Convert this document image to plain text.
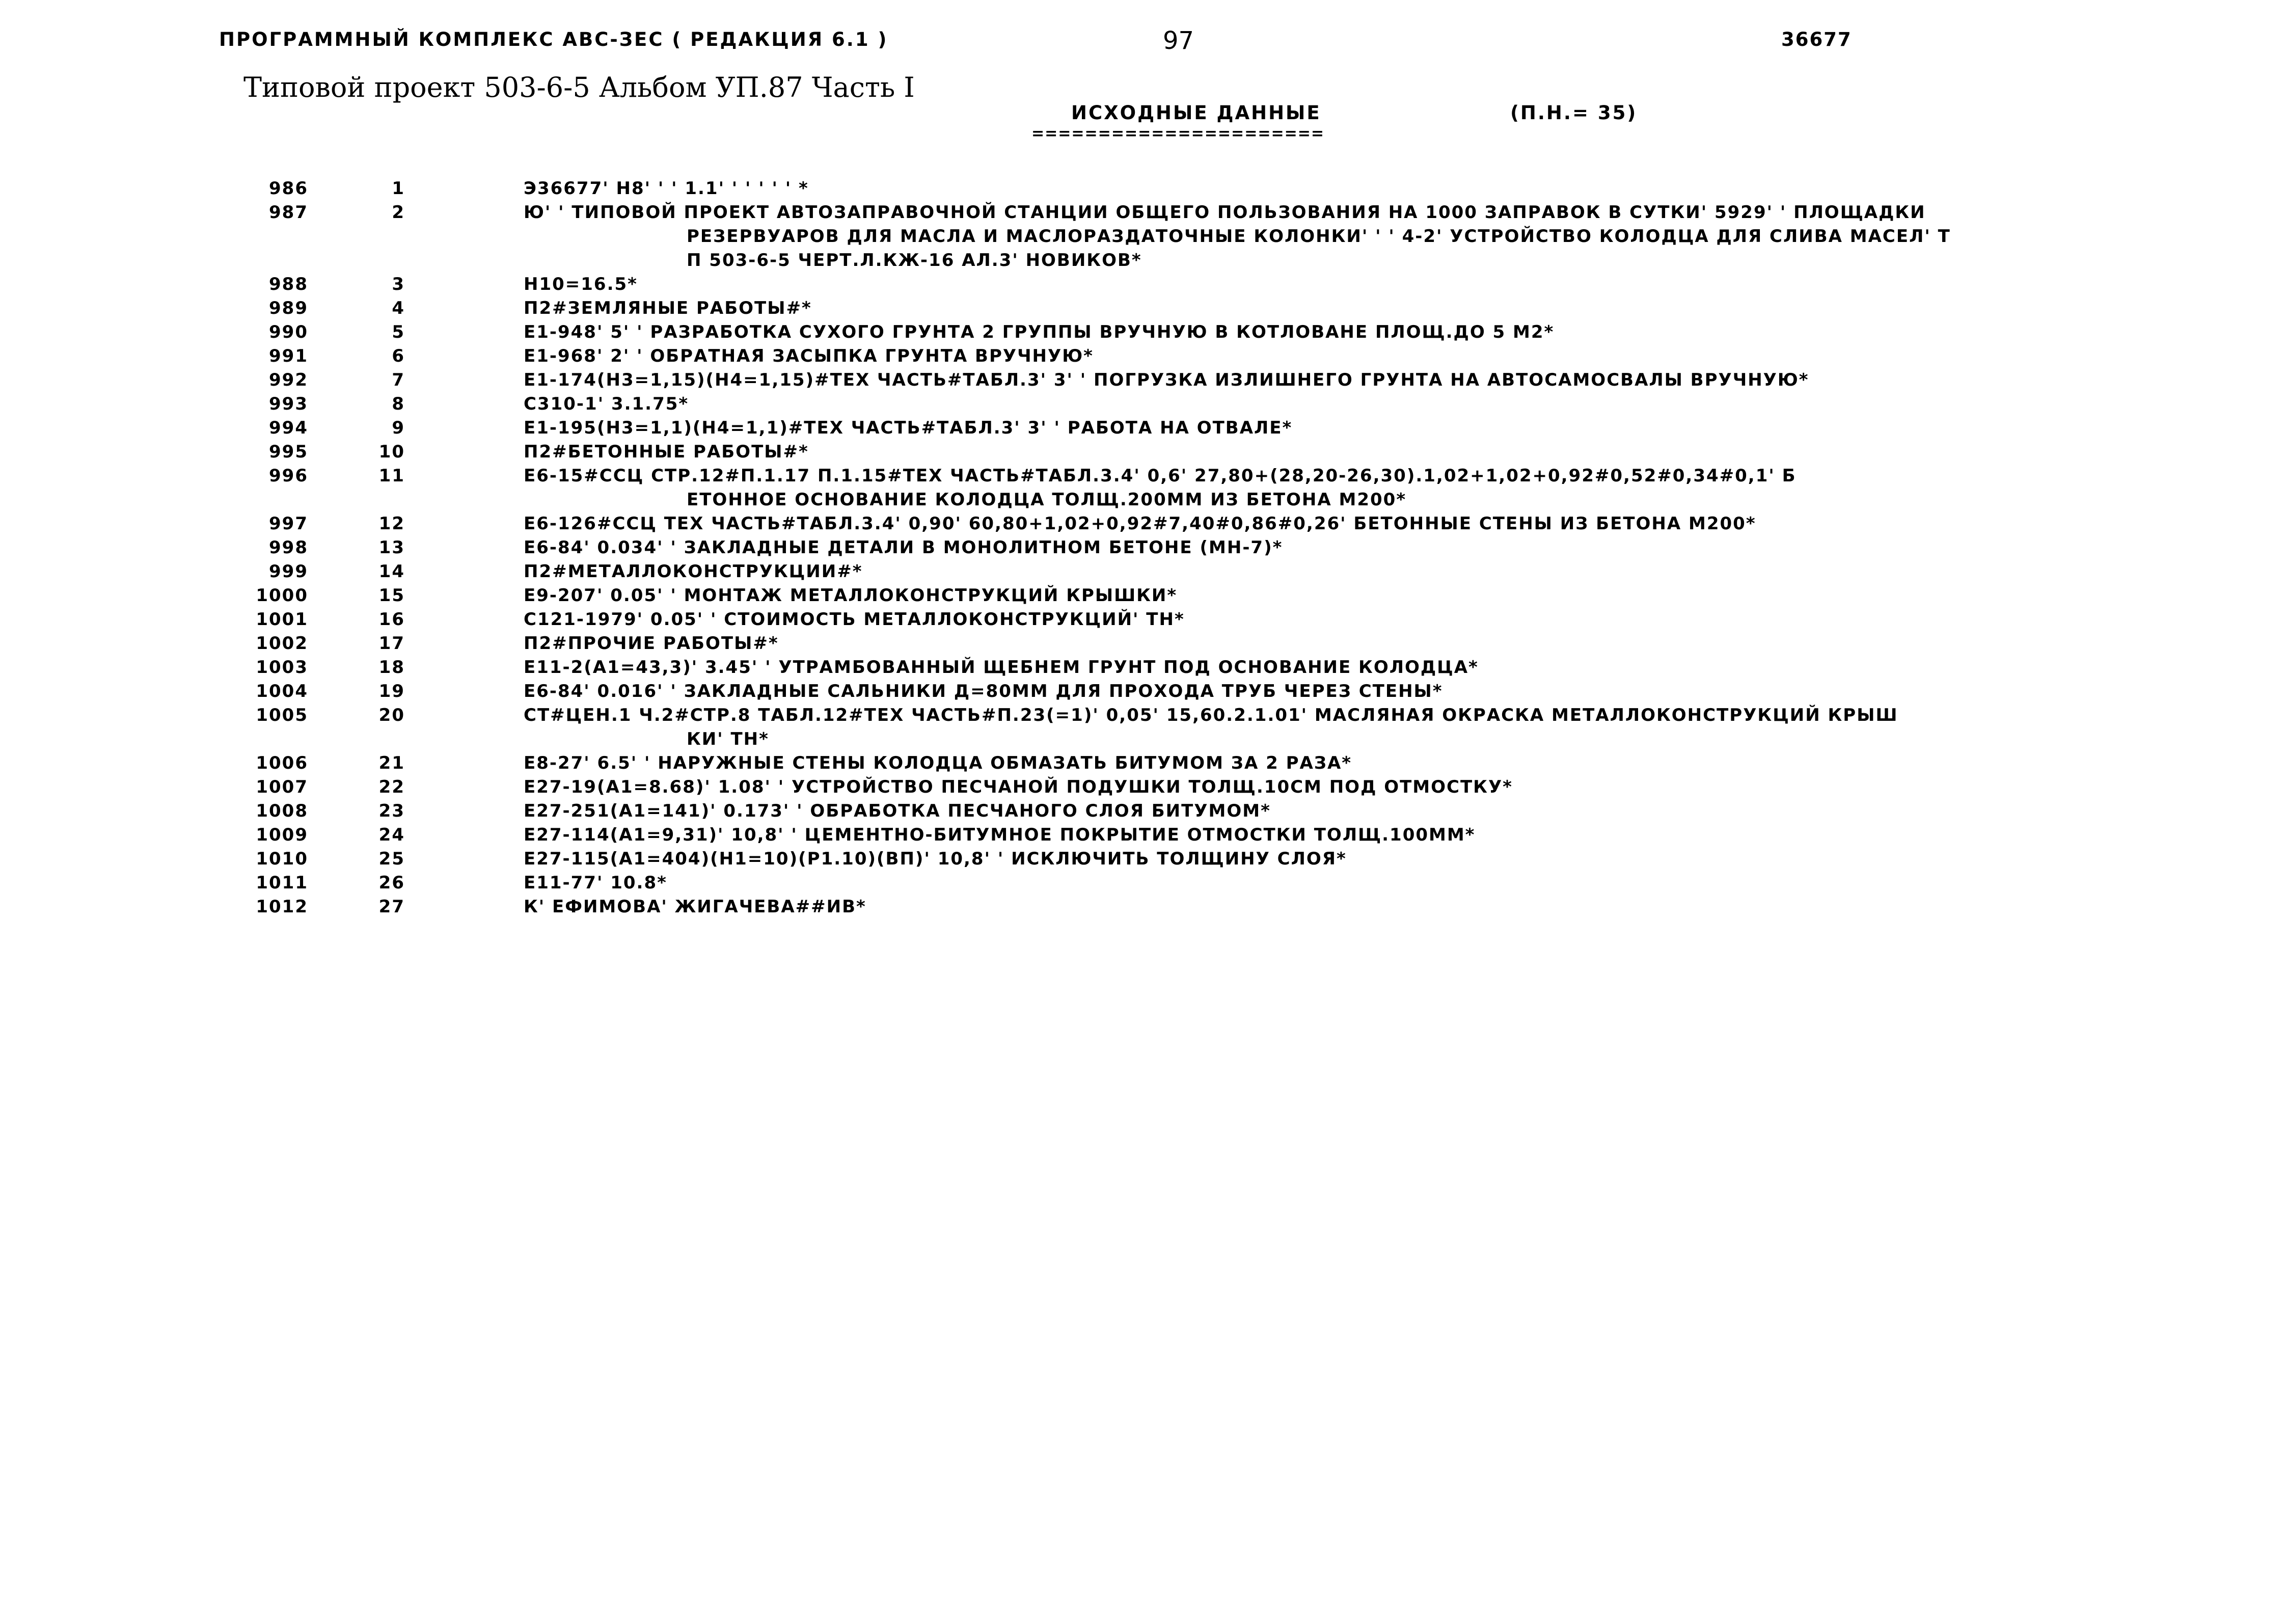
ПРОГРАММНЫЙ КОМПЛЕКС АВС-ЗЕС ( РЕДАКЦИЯ 6.1 )	97	36677
Типовой проект 503-6-5 Альбом УП.87 Часть I
ИСХОДНЫЕ ДАННЫЕ	(П.Н.= 35)
======================
986	1	Э36677' Н8' ' ' 1.1' ' ' ' ' ' *
987	2	Ю' ' ТИПОВОЙ ПРОЕКТ АВТОЗАПРАВОЧНОЙ СТАНЦИИ ОБЩЕГО ПОЛЬЗОВАНИЯ НА 1000 ЗАПРАВОК В СУТКИ' 5929' ' ПЛОЩАДКИ
РЕЗЕРВУАРОВ ДЛЯ МАСЛА И МАСЛОРАЗДАТОЧНЫЕ КОЛОНКИ' ' ' 4-2' УСТРОЙСТВО КОЛОДЦА ДЛЯ СЛИВА МАСЕЛ' Т
П 503-6-5 ЧЕРТ.Л.КЖ-16 АЛ.3' НОВИКОВ*
988	3	Н10=16.5*
989	4	П2#ЗЕМЛЯНЫЕ РАБОТЫ#*
990	5	Е1-948' 5' ' РАЗРАБОТКА СУХОГО ГРУНТА 2 ГРУППЫ ВРУЧНУЮ В КОТЛОВАНЕ ПЛОЩ.ДО 5 М2*
991	6	Е1-968' 2' ' ОБРАТНАЯ ЗАСЫПКА ГРУНТА ВРУЧНУЮ*
992	7	Е1-174(Н3=1,15)(Н4=1,15)#ТЕХ ЧАСТЬ#ТАБЛ.3' 3' ' ПОГРУЗКА ИЗЛИШНЕГО ГРУНТА НА АВТОСАМОСВАЛЫ ВРУЧНУЮ*
993	8	С310-1' 3.1.75*
994	9	Е1-195(Н3=1,1)(Н4=1,1)#ТЕХ ЧАСТЬ#ТАБЛ.3' 3' ' РАБОТА НА ОТВАЛЕ*
995	10	П2#БЕТОННЫЕ РАБОТЫ#*
996	11	Е6-15#ССЦ СТР.12#П.1.17 П.1.15#ТЕХ ЧАСТЬ#ТАБЛ.3.4' 0,6' 27,80+(28,20-26,30).1,02+1,02+0,92#0,52#0,34#0,1' Б
ЕТОННОЕ ОСНОВАНИЕ КОЛОДЦА ТОЛЩ.200ММ ИЗ БЕТОНА М200*
997	12	Е6-126#ССЦ ТЕХ ЧАСТЬ#ТАБЛ.3.4' 0,90' 60,80+1,02+0,92#7,40#0,86#0,26' БЕТОННЫЕ СТЕНЫ ИЗ БЕТОНА М200*
998	13	Е6-84' 0.034' ' ЗАКЛАДНЫЕ ДЕТАЛИ В МОНОЛИТНОМ БЕТОНЕ (МН-7)*
999	14	П2#МЕТАЛЛОКОНСТРУКЦИИ#*
1000	15	Е9-207' 0.05' ' МОНТАЖ МЕТАЛЛОКОНСТРУКЦИЙ КРЫШКИ*
1001	16	С121-1979' 0.05' ' СТОИМОСТЬ МЕТАЛЛОКОНСТРУКЦИЙ' ТН*
1002	17	П2#ПРОЧИЕ РАБОТЫ#*
1003	18	Е11-2(А1=43,3)' 3.45' ' УТРАМБОВАННЫЙ ЩЕБНЕМ ГРУНТ ПОД ОСНОВАНИЕ КОЛОДЦА*
1004	19	Е6-84' 0.016' ' ЗАКЛАДНЫЕ САЛЬНИКИ Д=80ММ ДЛЯ ПРОХОДА ТРУБ ЧЕРЕЗ СТЕНЫ*
1005	20	СТ#ЦЕН.1 Ч.2#СТР.8 ТАБЛ.12#ТЕХ ЧАСТЬ#П.23(=1)' 0,05' 15,60.2.1.01' МАСЛЯНАЯ ОКРАСКА МЕТАЛЛОКОНСТРУКЦИЙ КРЫШ
КИ' ТН*
1006	21	Е8-27' 6.5' ' НАРУЖНЫЕ СТЕНЫ КОЛОДЦА ОБМАЗАТЬ БИТУМОМ ЗА 2 РАЗА*
1007	22	Е27-19(А1=8.68)' 1.08' ' УСТРОЙСТВО ПЕСЧАНОЙ ПОДУШКИ ТОЛЩ.10СМ ПОД ОТМОСТКУ*
1008	23	Е27-251(А1=141)' 0.173' ' ОБРАБОТКА ПЕСЧАНОГО СЛОЯ БИТУМОМ*
1009	24	Е27-114(А1=9,31)' 10,8' ' ЦЕМЕНТНО-БИТУМНОЕ ПОКРЫТИЕ ОТМОСТКИ ТОЛЩ.100ММ*
1010	25	Е27-115(А1=404)(Н1=10)(Р1.10)(ВП)' 10,8' ' ИСКЛЮЧИТЬ ТОЛЩИНУ СЛОЯ*
1011	26	Е11-77' 10.8*
1012	27	К' ЕФИМОВА' ЖИГАЧЕВА##ИВ*
